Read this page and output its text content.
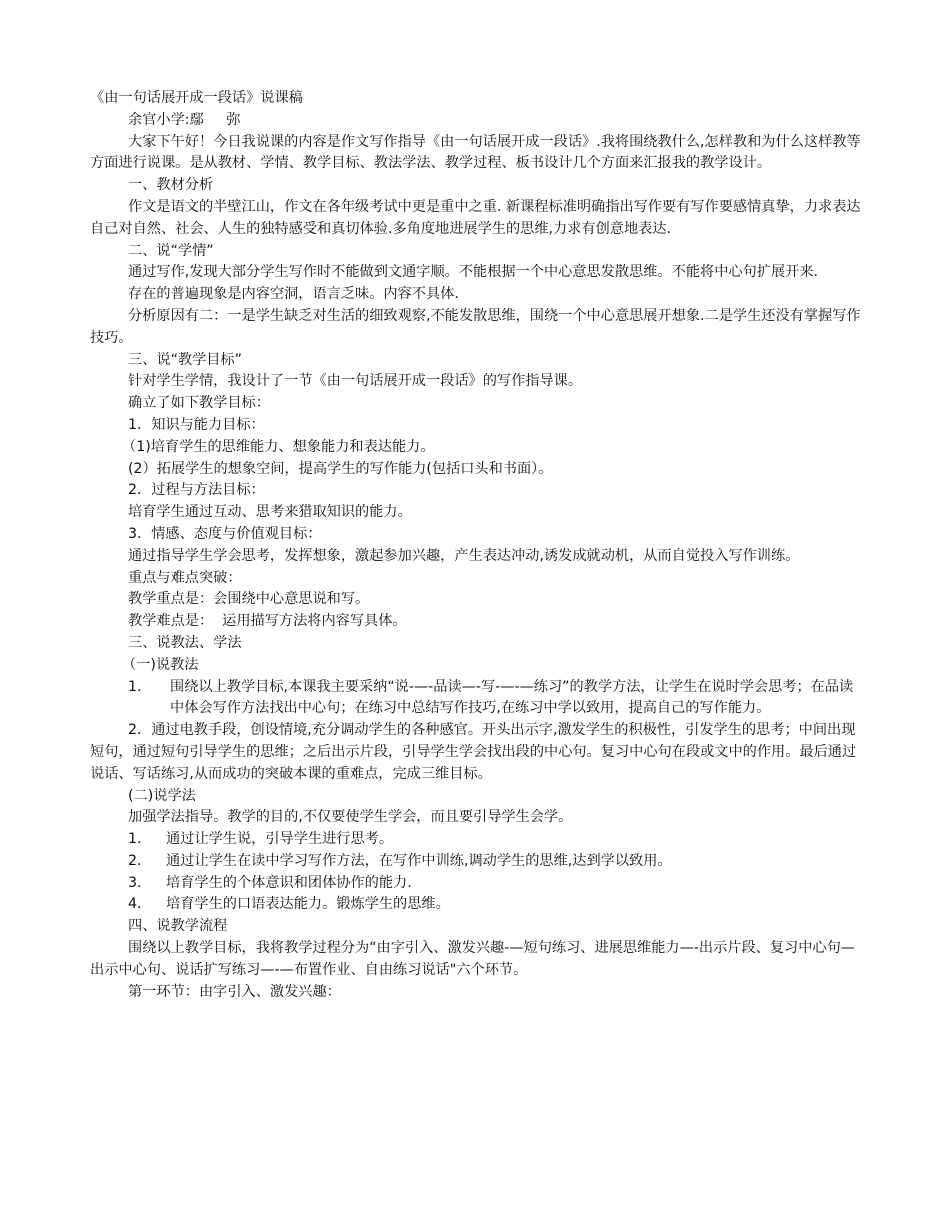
《由一句话展开成一段话》说课稿

余官小学:鄢     弥

大家下午好！今日我说课的内容是作文写作指导《由一句话展开成一段话》.我将围绕教什么,怎样教和为什么这样教等方面进行说课。是从教材、学情、教学目标、教法学法、教学过程、板书设计几个方面来汇报我的教学设计。

一、教材分析

作文是语文的半壁江山，作文在各年级考试中更是重中之重. 新课程标准明确指出写作要有写作要感情真挚，力求表达自己对自然、社会、人生的独特感受和真切体验.多角度地进展学生的思维,力求有创意地表达.

二、说“学情”

通过写作,发现大部分学生写作时不能做到文通字顺。不能根据一个中心意思发散思维。不能将中心句扩展开来.

存在的普遍现象是内容空洞，语言乏味。内容不具体.

分析原因有二：一是学生缺乏对生活的细致观察,不能发散思维，围绕一个中心意思展开想象.二是学生还没有掌握写作技巧。

三、说“教学目标”

针对学生学情，我设计了一节《由一句话展开成一段话》的写作指导课。

确立了如下教学目标：

1．知识与能力目标：

（1)培育学生的思维能力、想象能力和表达能力。

(2）拓展学生的想象空间，提高学生的写作能力(包括口头和书面）。

2．过程与方法目标：

培育学生通过互动、思考来猎取知识的能力。

3．情感、态度与价值观目标：

通过指导学生学会思考，发挥想象，激起参加兴趣，产生表达冲动,诱发成就动机，从而自觉投入写作训练。

重点与难点突破：

教学重点是：会围绕中心意思说和写。

教学难点是：  运用描写方法将内容写具体。

三、说教法、学法

（一)说教法

1．	围绕以上教学目标,本课我主要采纳“说-—-品读—-写-—-—练习”的教学方法，让学生在说时学会思考；在品读中体会写作方法找出中心句；在练习中总结写作技巧,在练习中学以致用，提高自己的写作能力。

2．通过电教手段，创设情境,充分调动学生的各种感官。开头出示字,激发学生的积极性，引发学生的思考；中间出现短句，通过短句引导学生的思维；之后出示片段，引导学生学会找出段的中心句。复习中心句在段或文中的作用。最后通过说话、写话练习,从而成功的突破本课的重难点，完成三维目标。

(二)说学法

加强学法指导。教学的目的,不仅要使学生学会，而且要引导学生会学。

1．	通过让学生说，引导学生进行思考。
2．	通过让学生在读中学习写作方法，在写作中训练,调动学生的思维,达到学以致用。
3．	培育学生的个体意识和团体协作的能力.
4．	培育学生的口语表达能力。锻炼学生的思维。

四、说教学流程

围绕以上教学目标，我将教学过程分为“由字引入、激发兴趣-—短句练习、进展思维能力—-出示片段、复习中心句—出示中心句、说话扩写练习—-—布置作业、自由练习说话"六个环节。

第一环节：由字引入、激发兴趣：
